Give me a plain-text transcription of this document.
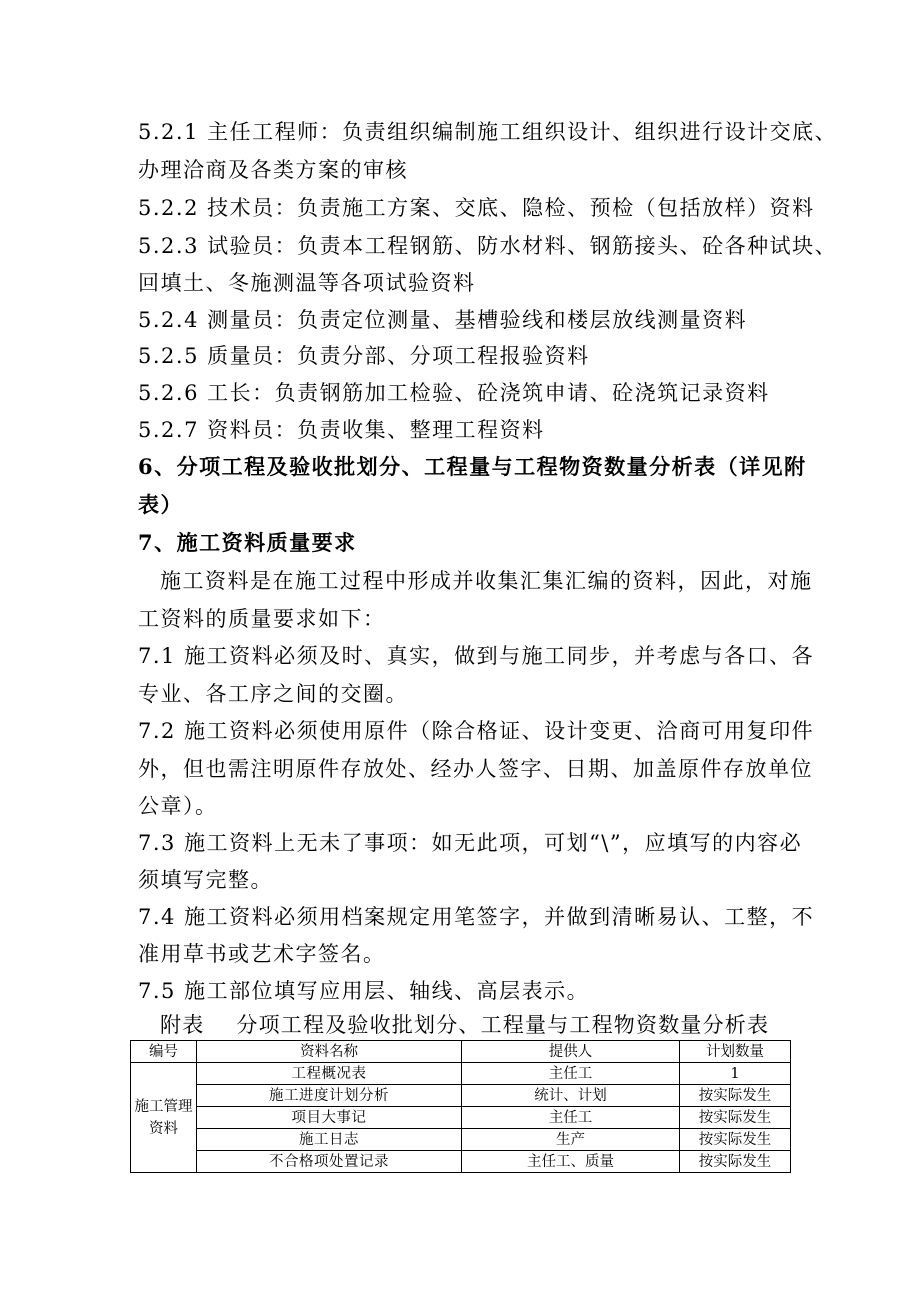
5.2.1 主任工程师：负责组织编制施工组织设计、组织进行设计交底、
办理洽商及各类方案的审核
5.2.2 技术员：负责施工方案、交底、隐检、预检（包括放样）资料
5.2.3 试验员：负责本工程钢筋、防水材料、钢筋接头、砼各种试块、
回填土、冬施测温等各项试验资料
5.2.4 测量员：负责定位测量、基槽验线和楼层放线测量资料
5.2.5 质量员：负责分部、分项工程报验资料
5.2.6 工长：负责钢筋加工检验、砼浇筑申请、砼浇筑记录资料
5.2.7 资料员：负责收集、整理工程资料
6、分项工程及验收批划分、工程量与工程物资数量分析表（详见附
表）
7、施工资料质量要求
施工资料是在施工过程中形成并收集汇集汇编的资料，因此，对施
工资料的质量要求如下：
7.1 施工资料必须及时、真实，做到与施工同步，并考虑与各口、各
专业、各工序之间的交圈。
7.2 施工资料必须使用原件（除合格证、设计变更、洽商可用复印件
外，但也需注明原件存放处、经办人签字、日期、加盖原件存放单位
公章）。
7.3 施工资料上无未了事项：如无此项，可划“\”，应填写的内容必
须填写完整。
7.4 施工资料必须用档案规定用笔签字，并做到清晰易认、工整，不
准用草书或艺术字签名。
7.5 施工部位填写应用层、轴线、高层表示。
附表 分项工程及验收批划分、工程量与工程物资数量分析表
编号	资料名称	提供人	计划数量
施工管理资料	工程概况表	主任工	1
	施工进度计划分析	统计、计划	按实际发生
	项目大事记	主任工	按实际发生
	施工日志	生产	按实际发生
	不合格项处置记录	主任工、质量	按实际发生
